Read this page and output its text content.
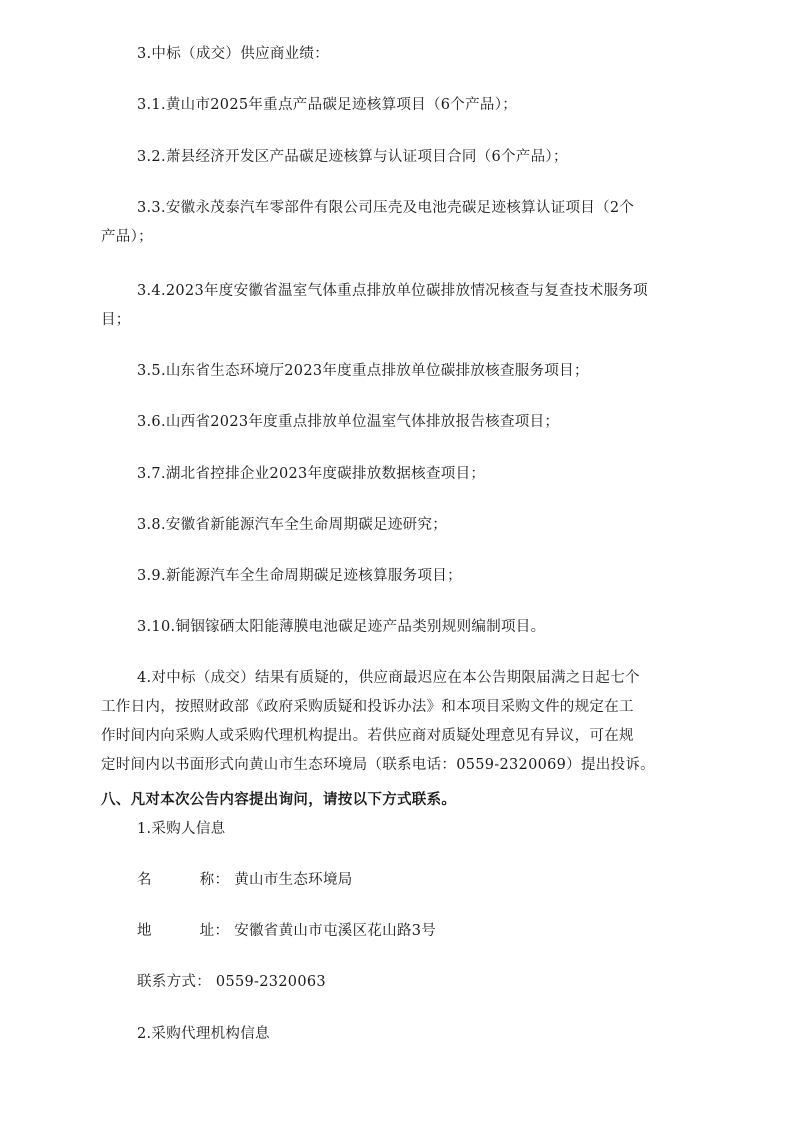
3.中标（成交）供应商业绩：
3.1.黄山市2025年重点产品碳足迹核算项目（6个产品）；
3.2.萧县经济开发区产品碳足迹核算与认证项目合同（6个产品）；
3.3.安徽永茂泰汽车零部件有限公司压壳及电池壳碳足迹核算认证项目（2个
产品）；
3.4.2023年度安徽省温室气体重点排放单位碳排放情况核查与复查技术服务项
目；
3.5.山东省生态环境厅2023年度重点排放单位碳排放核查服务项目；
3.6.山西省2023年度重点排放单位温室气体排放报告核查项目；
3.7.湖北省控排企业2023年度碳排放数据核查项目；
3.8.安徽省新能源汽车全生命周期碳足迹研究；
3.9.新能源汽车全生命周期碳足迹核算服务项目；
3.10.铜铟镓硒太阳能薄膜电池碳足迹产品类别规则编制项目。
4.对中标（成交）结果有质疑的，供应商最迟应在本公告期限届满之日起七个
工作日内，按照财政部《政府采购质疑和投诉办法》和本项目采购文件的规定在工
作时间内向采购人或采购代理机构提出。若供应商对质疑处理意见有异议，可在规
定时间内以书面形式向黄山市生态环境局（联系电话：0559-2320069）提出投诉。
八、凡对本次公告内容提出询问，请按以下方式联系。
1.采购人信息
名	称： 黄山市生态环境局
地	址： 安徽省黄山市屯溪区花山路3号
联系方式： 0559-2320063
2.采购代理机构信息
